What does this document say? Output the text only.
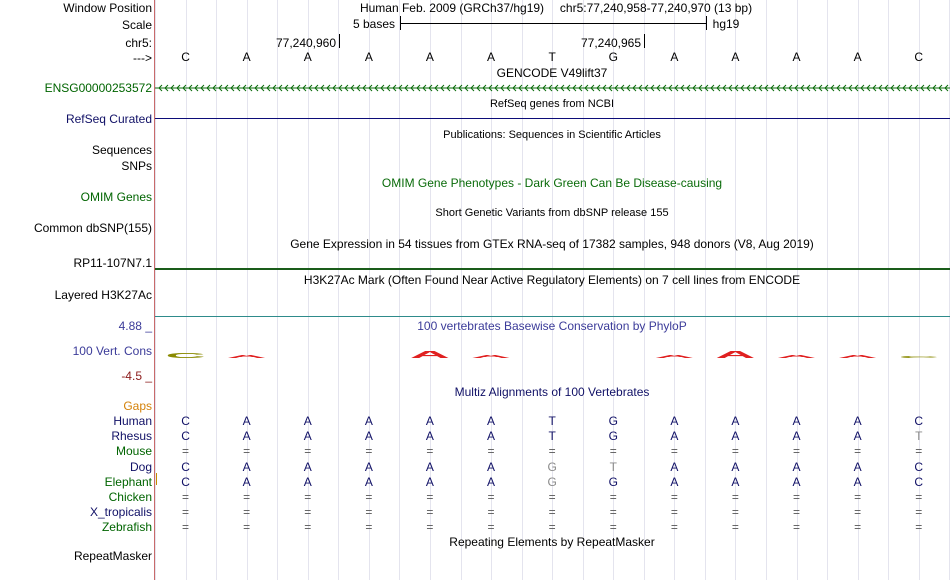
Window Position	Human Feb. 2009 (GRCh37/hg19) chr5:77,240,958-77,240,970 (13 bp)
Scale	5 bases	hg19
chr5:	77,240,960	77,240,965
---> C	A	A	A	A	A	T	G	A	A	A	A	C
GENCODE V49lift37
ENSG00000253572
RefSeq genes from NCBI
RefSeq Curated
Publications: Sequences in Scientific Articles
Sequences
SNPs
OMIM Gene Phenotypes - Dark Green Can Be Disease-causing
OMIM Genes
Short Genetic Variants from dbSNP release 155
Common dbSNP(155)
Gene Expression in 54 tissues from GTEx RNA-seq of 17382 samples, 948 donors (V8, Aug 2019)
RP11-107N7.1
H3K27Ac Mark (Often Found Near Active Regulatory Elements) on 7 cell lines from ENCODE
Layered H3K27Ac
100 vertebrates Basewise Conservation by PhyloP
4.88 _
100 Vert. Cons
-4.5 _
C A	A A	A A A A C
Multiz Alignments of 100 Vertebrates
Gaps
Human C	A	A	A	A	A	T	G	A	A	A	A	C
Rhesus C	A	A	A	A	A	T	G	A	A	A	A	T
Mouse	=	=	=	=	=	=	=	=	=	=	=	=	=
Dog C	A	A	A	A	A	G	T	A	A	A	A	C
Elephant C	A	A	A	A	A	G	G	A	A	A	A	C
Chicken	=	=	=	=	=	=	=	=	=	=	=	=	=
X_tropicalis	=	=	=	=	=	=	=	=	=	=	=	=	=
Zebrafish	=	=	=	=	=	=	=	=	=	=	=	=	=
Repeating Elements by RepeatMasker
RepeatMasker
